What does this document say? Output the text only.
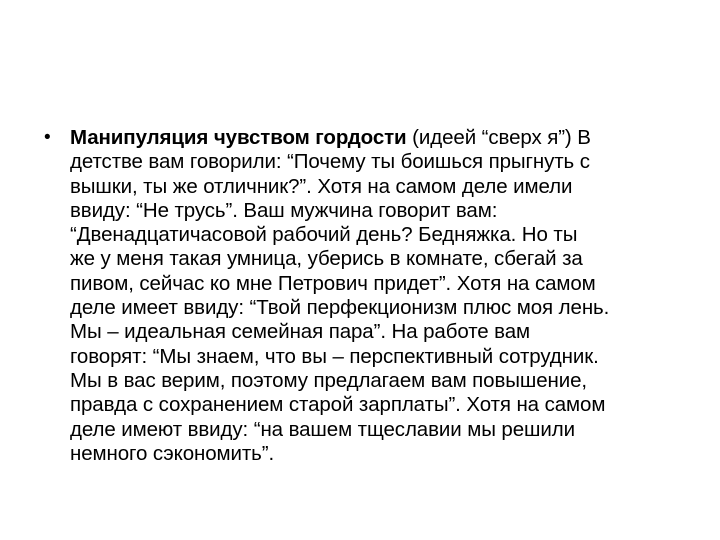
• Манипуляция чувством гордости (идеей “сверх я”) В
детстве вам говорили: “Почему ты боишься прыгнуть с
вышки, ты же отличник?”. Хотя на самом деле имели
ввиду: “Не трусь”. Ваш мужчина говорит вам:
“Двенадцатичасовой рабочий день? Бедняжка. Но ты
же у меня такая умница, уберись в комнате, сбегай за
пивом, сейчас ко мне Петрович придет”. Хотя на самом
деле имеет ввиду: “Твой перфекционизм плюс моя лень.
Мы – идеальная семейная пара”. На работе вам
говорят: “Мы знаем, что вы – перспективный сотрудник.
Мы в вас верим, поэтому предлагаем вам повышение,
правда с сохранением старой зарплаты”. Хотя на самом
деле имеют ввиду: “на вашем тщеславии мы решили
немного сэкономить”.
